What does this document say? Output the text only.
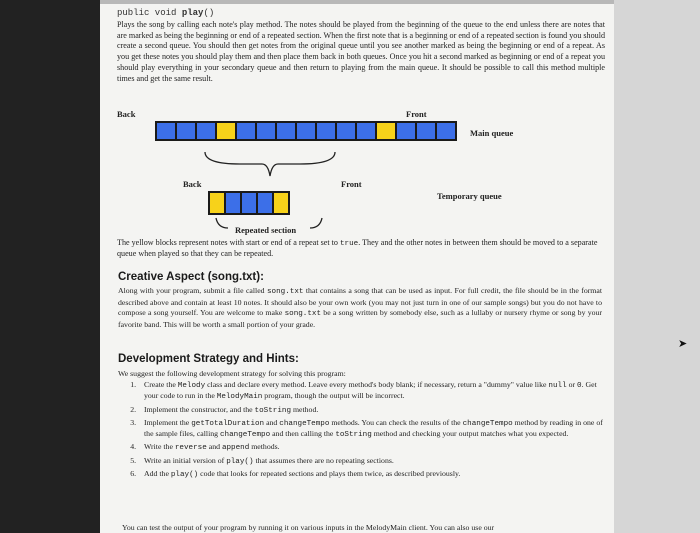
➤
public void play()

Plays the song by calling each note's play method. The notes should be played from the beginning of the queue to the end unless there are notes that are marked as being the beginning or end of a repeated section. When the first note that is a beginning or end of a repeated section is found you should create a second queue. You should then get notes from the original queue until you see another marked as being the beginning or end of a repeat. As you get these notes you should play them and then place them back in both queues. Once you hit a second marked as beginning or end of a repeat you should play everything in your secondary queue and then return to playing from the main queue. It should be possible to call this method multiple times and get the same result.

Back	Front
Main queue
Back	Front
Temporary queue
Repeated section

The yellow blocks represent notes with start or end of a repeat set to true. They and the other notes in between them should be moved to a separate queue when played so that they can be repeated.

Creative Aspect (song.txt):

Along with your program, submit a file called song.txt that contains a song that can be used as input. For full credit, the file should be in the format described above and contain at least 10 notes. It should also be your own work (you may not just turn in one of our sample songs) but you do not have to compose a song yourself. You are welcome to make song.txt be a song written by somebody else, such as a lullaby or nursery rhyme or song by your favorite band. This will be worth a small portion of your grade.

Development Strategy and Hints:
We suggest the following development strategy for solving this program:
1. Create the Melody class and declare every method. Leave every method's body blank; if necessary, return a "dummy" value like null or 0. Get your code to run in the MelodyMain program, though the output will be incorrect.
2. Implement the constructor, and the toString method.
3. Implement the getTotalDuration and changeTempo methods. You can check the results of the changeTempo method by reading in one of the sample files, calling changeTempo and then calling the toString method and checking your output matches what you expected.
4. Write the reverse and append methods.
5. Write an initial version of play() that assumes there are no repeating sections.
6. Add the play() code that looks for repeated sections and plays them twice, as described previously.
You can test the output of your program by running it on various inputs in the MelodyMain client. You can also use our
